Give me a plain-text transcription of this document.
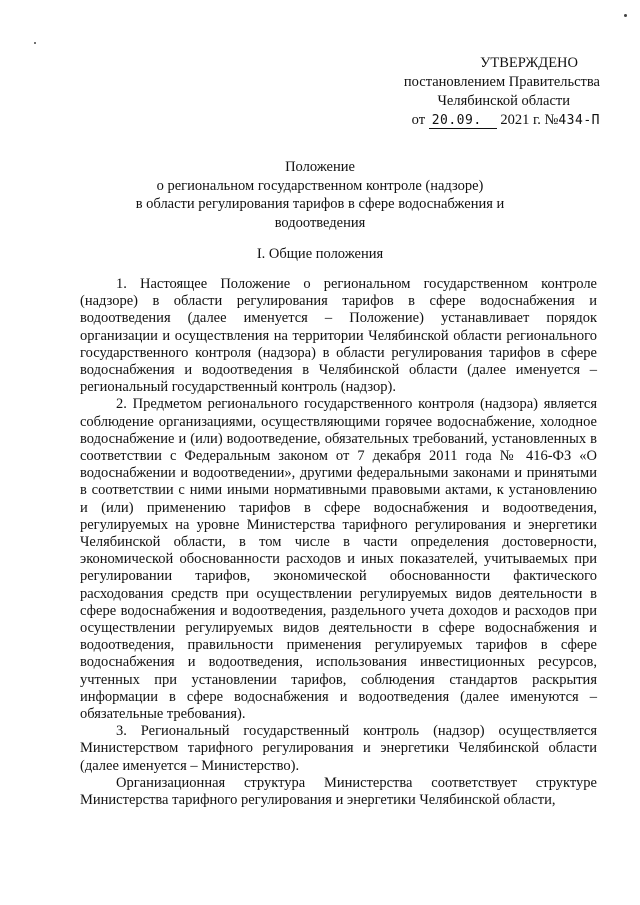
УТВЕРЖДЕНО
постановлением Правительства
Челябинской области
от 20.09. 2021 г. №434-П
Положение
о региональном государственном контроле (надзоре)
в области регулирования тарифов в сфере водоснабжения и
водоотведения
I. Общие положения

1. Настоящее Положение о региональном государственном контроле (надзоре) в области регулирования тарифов в сфере водоснабжения и водоотведения (далее именуется – Положение) устанавливает порядок организации и осуществления на территории Челябинской области регионального государственного контроля (надзора) в области регулирования тарифов в сфере водоснабжения и водоотведения в Челябинской области (далее именуется – региональный государственный контроль (надзор).

2. Предметом регионального государственного контроля (надзора) является соблюдение организациями, осуществляющими горячее водоснабжение, холодное водоснабжение и (или) водоотведение, обязательных требований, установленных в соответствии с Федеральным законом от 7 декабря 2011 года № 416-ФЗ «О водоснабжении и водоотведении», другими федеральными законами и принятыми в соответствии с ними иными нормативными правовыми актами, к установлению и (или) применению тарифов в сфере водоснабжения и водоотведения, регулируемых на уровне Министерства тарифного регулирования и энергетики Челябинской области, в том числе в части определения достоверности, экономической обоснованности расходов и иных показателей, учитываемых при регулировании тарифов, экономической обоснованности фактического расходования средств при осуществлении регулируемых видов деятельности в сфере водоснабжения и водоотведения, раздельного учета доходов и расходов при осуществлении регулируемых видов деятельности в сфере водоснабжения и водоотведения, правильности применения регулируемых тарифов в сфере водоснабжения и водоотведения, использования инвестиционных ресурсов, учтенных при установлении тарифов, соблюдения стандартов раскрытия информации в сфере водоснабжения и водоотведения (далее именуются – обязательные требования).

3. Региональный государственный контроль (надзор) осуществляется Министерством тарифного регулирования и энергетики Челябинской области (далее именуется – Министерство).

Организационная структура Министерства соответствует структуре Министерства тарифного регулирования и энергетики Челябинской области,
